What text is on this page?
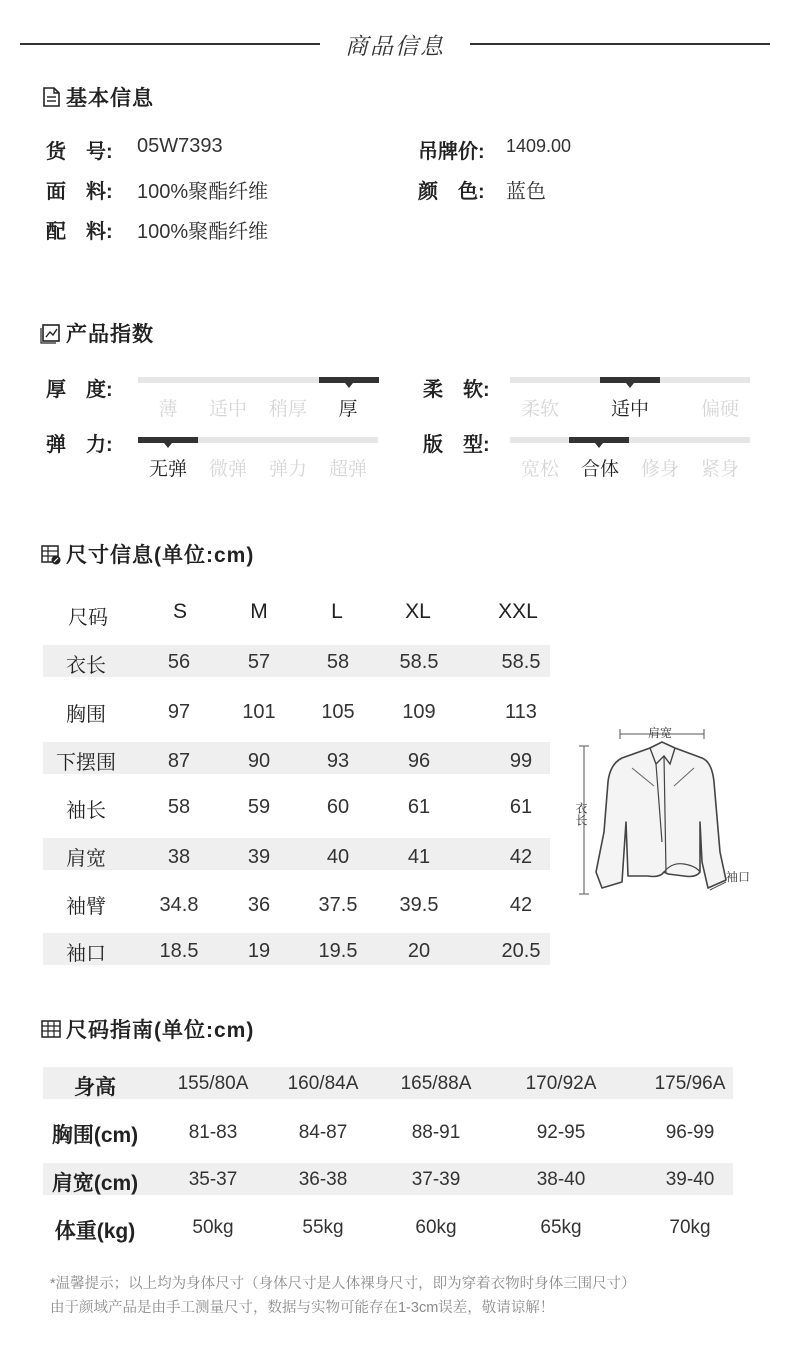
商品信息
基本信息
货　号: 05W7393
面　料: 100%聚酯纤维
配　料: 100%聚酯纤维
吊牌价: 1409.00
颜　色: 蓝色
产品指数
厚　度:
薄	适中	稍厚	厚
柔　软:
柔软	适中	偏硬
弹　力:
无弹	微弹	弹力	超弹
版　型:
宽松	合体	修身	紧身
尺寸信息(单位:cm)
尺码	S	M	L	XL	XXL
衣长	56	57	58	58.5	58.5
胸围	97	101	105	109	113
下摆围	87	90	93	96	99
袖长	58	59	60	61	61
肩宽	38	39	40	41	42
袖臂	34.8	36	37.5	39.5	42
袖口	18.5	19	19.5	20	20.5
肩宽
衣长
袖口
尺码指南(单位:cm)
身高	155/80A	160/84A	165/88A	170/92A	175/96A
胸围(cm)	81-83	84-87	88-91	92-95	96-99
肩宽(cm)	35-37	36-38	37-39	38-40	39-40
体重(kg)	50kg	55kg	60kg	65kg	70kg
*温馨提示；以上均为身体尺寸（身体尺寸是人体裸身尺寸，即为穿着衣物时身体三围尺寸）
由于颜域产品是由手工测量尺寸，数据与实物可能存在1-3cm误差，敬请谅解！
